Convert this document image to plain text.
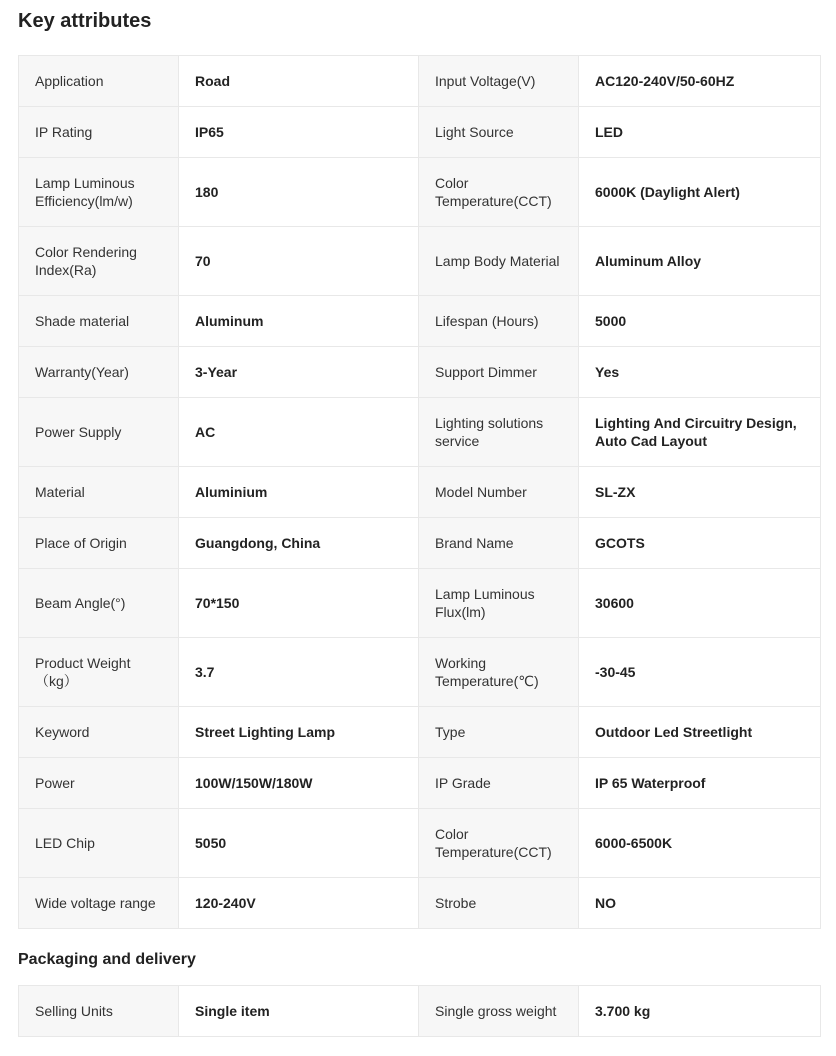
Key attributes
Application	Road	Input Voltage(V)	AC120-240V/50-60HZ
IP Rating	IP65	Light Source	LED
Lamp Luminous Efficiency(lm/w)	180	Color Temperature(CCT)	6000K (Daylight Alert)
Color Rendering Index(Ra)	70	Lamp Body Material	Aluminum Alloy
Shade material	Aluminum	Lifespan (Hours)	5000
Warranty(Year)	3-Year	Support Dimmer	Yes
Power Supply	AC	Lighting solutions service	Lighting And Circuitry Design, Auto Cad Layout
Material	Aluminium	Model Number	SL-ZX
Place of Origin	Guangdong, China	Brand Name	GCOTS
Beam Angle(°)	70*150	Lamp Luminous Flux(lm)	30600
Product Weight （kg）	3.7	Working Temperature(℃)	-30-45
Keyword	Street Lighting Lamp	Type	Outdoor Led Streetlight
Power	100W/150W/180W	IP Grade	IP 65 Waterproof
LED Chip	5050	Color Temperature(CCT)	6000-6500K
Wide voltage range	120-240V	Strobe	NO
Packaging and delivery
Selling Units	Single item	Single gross weight	3.700 kg
